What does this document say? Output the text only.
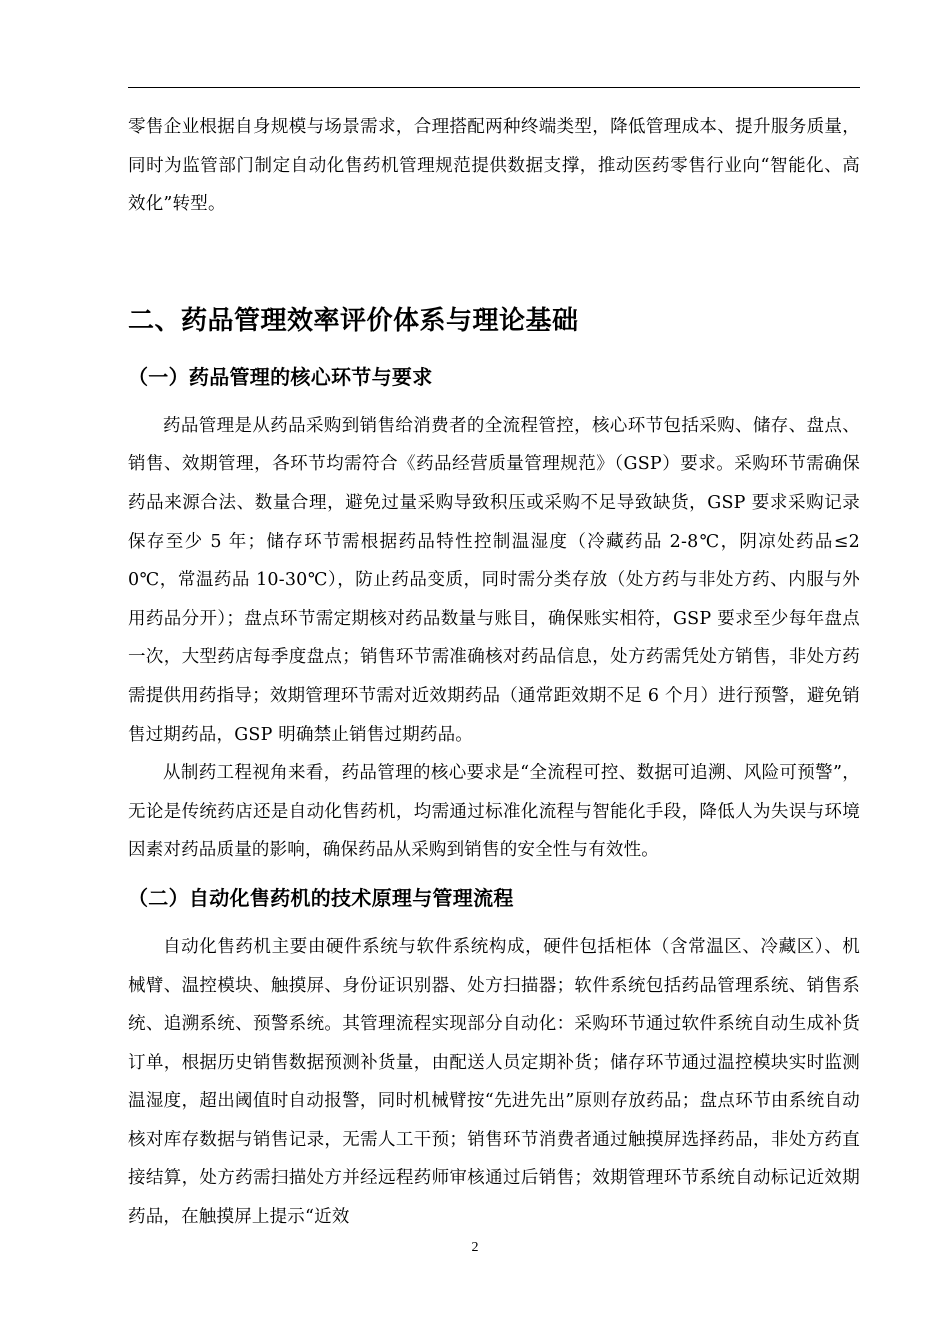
零售企业根据自身规模与场景需求，合理搭配两种终端类型，降低管理成本、提升服务质量，同时为监管部门制定自动化售药机管理规范提供数据支撑，推动医药零售行业向“智能化、高效化”转型。

二、药品管理效率评价体系与理论基础
（一）药品管理的核心环节与要求

药品管理是从药品采购到销售给消费者的全流程管控，核心环节包括采购、储存、盘点、销售、效期管理，各环节均需符合《药品经营质量管理规范》（GSP）要求。采购环节需确保药品来源合法、数量合理，避免过量采购导致积压或采购不足导致缺货，GSP 要求采购记录保存至少 5 年；储存环节需根据药品特性控制温湿度（冷藏药品 2-8℃，阴凉处药品≤20℃，常温药品 10-30℃），防止药品变质，同时需分类存放（处方药与非处方药、内服与外用药品分开）；盘点环节需定期核对药品数量与账目，确保账实相符，GSP 要求至少每年盘点一次，大型药店每季度盘点；销售环节需准确核对药品信息，处方药需凭处方销售，非处方药需提供用药指导；效期管理环节需对近效期药品（通常距效期不足 6 个月）进行预警，避免销售过期药品，GSP 明确禁止销售过期药品。

从制药工程视角来看，药品管理的核心要求是“全流程可控、数据可追溯、风险可预警”，无论是传统药店还是自动化售药机，均需通过标准化流程与智能化手段，降低人为失误与环境因素对药品质量的影响，确保药品从采购到销售的安全性与有效性。

（二）自动化售药机的技术原理与管理流程

自动化售药机主要由硬件系统与软件系统构成，硬件包括柜体（含常温区、冷藏区）、机械臂、温控模块、触摸屏、身份证识别器、处方扫描器；软件系统包括药品管理系统、销售系统、追溯系统、预警系统。其管理流程实现部分自动化：采购环节通过软件系统自动生成补货订单，根据历史销售数据预测补货量，由配送人员定期补货；储存环节通过温控模块实时监测温湿度，超出阈值时自动报警，同时机械臂按“先进先出”原则存放药品；盘点环节由系统自动核对库存数据与销售记录，无需人工干预；销售环节消费者通过触摸屏选择药品，非处方药直接结算，处方药需扫描处方并经远程药师审核通过后销售；效期管理环节系统自动标记近效期药品，在触摸屏上提示“近效

2
